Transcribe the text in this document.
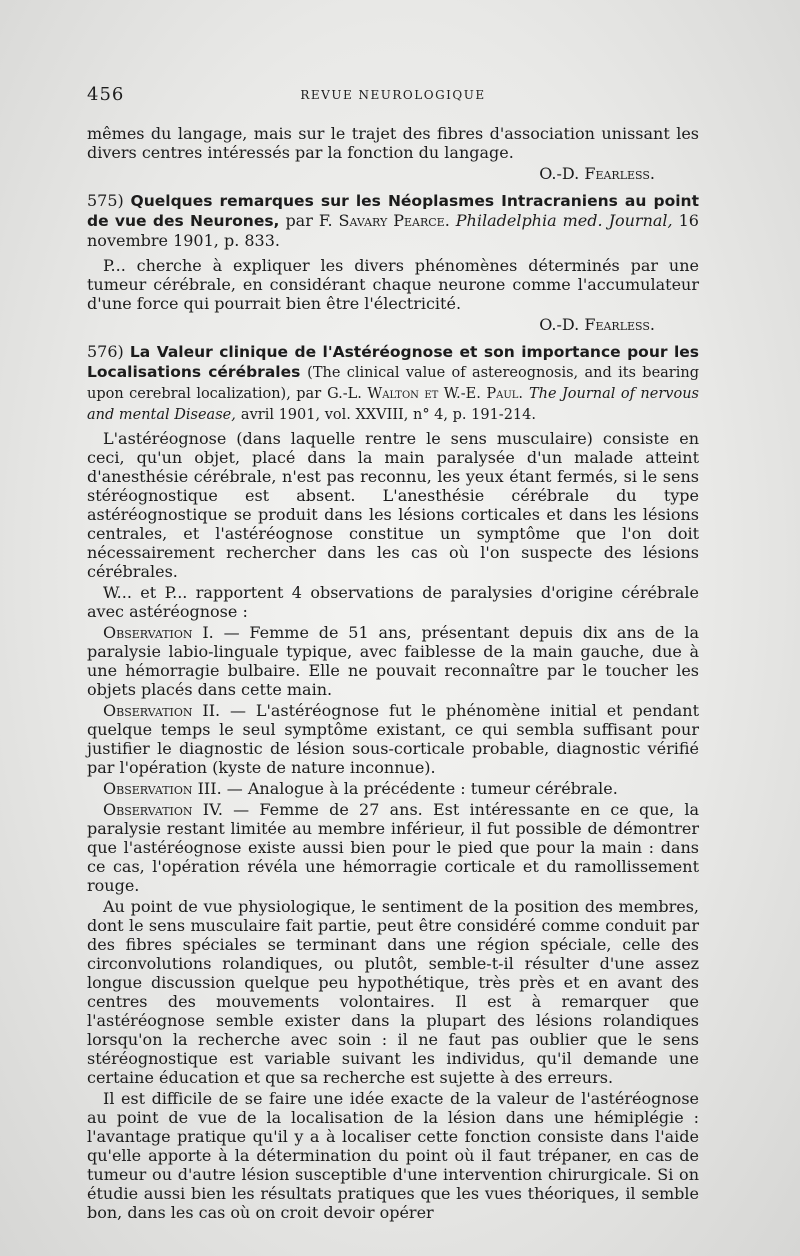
456	REVUE NEUROLOGIQUE

mêmes du langage, mais sur le trajet des fibres d'association unissant les divers centres intéressés par la fonction du langage.

O.-D. Fearless.

575) Quelques remarques sur les Néoplasmes Intracraniens au point de vue des Neurones, par F. Savary Pearce. Philadelphia med. Journal, 16 novembre 1901, p. 833.

P... cherche à expliquer les divers phénomènes déterminés par une tumeur cérébrale, en considérant chaque neurone comme l'accumulateur d'une force qui pourrait bien être l'électricité.

O.-D. Fearless.

576) La Valeur clinique de l'Astéréognose et son importance pour les Localisations cérébrales (The clinical value of astereognosis, and its bearing upon cerebral localization), par G.-L. Walton et W.-E. Paul. The Journal of nervous and mental Disease, avril 1901, vol. XXVIII, n° 4, p. 191-214.

L'astéréognose (dans laquelle rentre le sens musculaire) consiste en ceci, qu'un objet, placé dans la main paralysée d'un malade atteint d'anesthésie cérébrale, n'est pas reconnu, les yeux étant fermés, si le sens stéréognostique est absent. L'anesthésie cérébrale du type astéréognostique se produit dans les lésions corticales et dans les lésions centrales, et l'astéréognose constitue un symptôme que l'on doit nécessairement rechercher dans les cas où l'on suspecte des lésions cérébrales.

W... et P... rapportent 4 observations de paralysies d'origine cérébrale avec astéréognose :

Observation I. — Femme de 51 ans, présentant depuis dix ans de la paralysie labio-linguale typique, avec faiblesse de la main gauche, due à une hémorragie bulbaire. Elle ne pouvait reconnaître par le toucher les objets placés dans cette main.

Observation II. — L'astéréognose fut le phénomène initial et pendant quelque temps le seul symptôme existant, ce qui sembla suffisant pour justifier le diagnostic de lésion sous-corticale probable, diagnostic vérifié par l'opération (kyste de nature inconnue).

Observation III. — Analogue à la précédente : tumeur cérébrale.

Observation IV. — Femme de 27 ans. Est intéressante en ce que, la paralysie restant limitée au membre inférieur, il fut possible de démontrer que l'astéréognose existe aussi bien pour le pied que pour la main : dans ce cas, l'opération révéla une hémorragie corticale et du ramollissement rouge.

Au point de vue physiologique, le sentiment de la position des membres, dont le sens musculaire fait partie, peut être considéré comme conduit par des fibres spéciales se terminant dans une région spéciale, celle des circonvolutions rolandiques, ou plutôt, semble-t-il résulter d'une assez longue discussion quelque peu hypothétique, très près et en avant des centres des mouvements volontaires. Il est à remarquer que l'astéréognose semble exister dans la plupart des lésions rolandiques lorsqu'on la recherche avec soin : il ne faut pas oublier que le sens stéréognostique est variable suivant les individus, qu'il demande une certaine éducation et que sa recherche est sujette à des erreurs.

Il est difficile de se faire une idée exacte de la valeur de l'astéréognose au point de vue de la localisation de la lésion dans une hémiplégie : l'avantage pratique qu'il y a à localiser cette fonction consiste dans l'aide qu'elle apporte à la détermination du point où il faut trépaner, en cas de tumeur ou d'autre lésion susceptible d'une intervention chirurgicale. Si on étudie aussi bien les résultats pratiques que les vues théoriques, il semble bon, dans les cas où on croit devoir opérer
